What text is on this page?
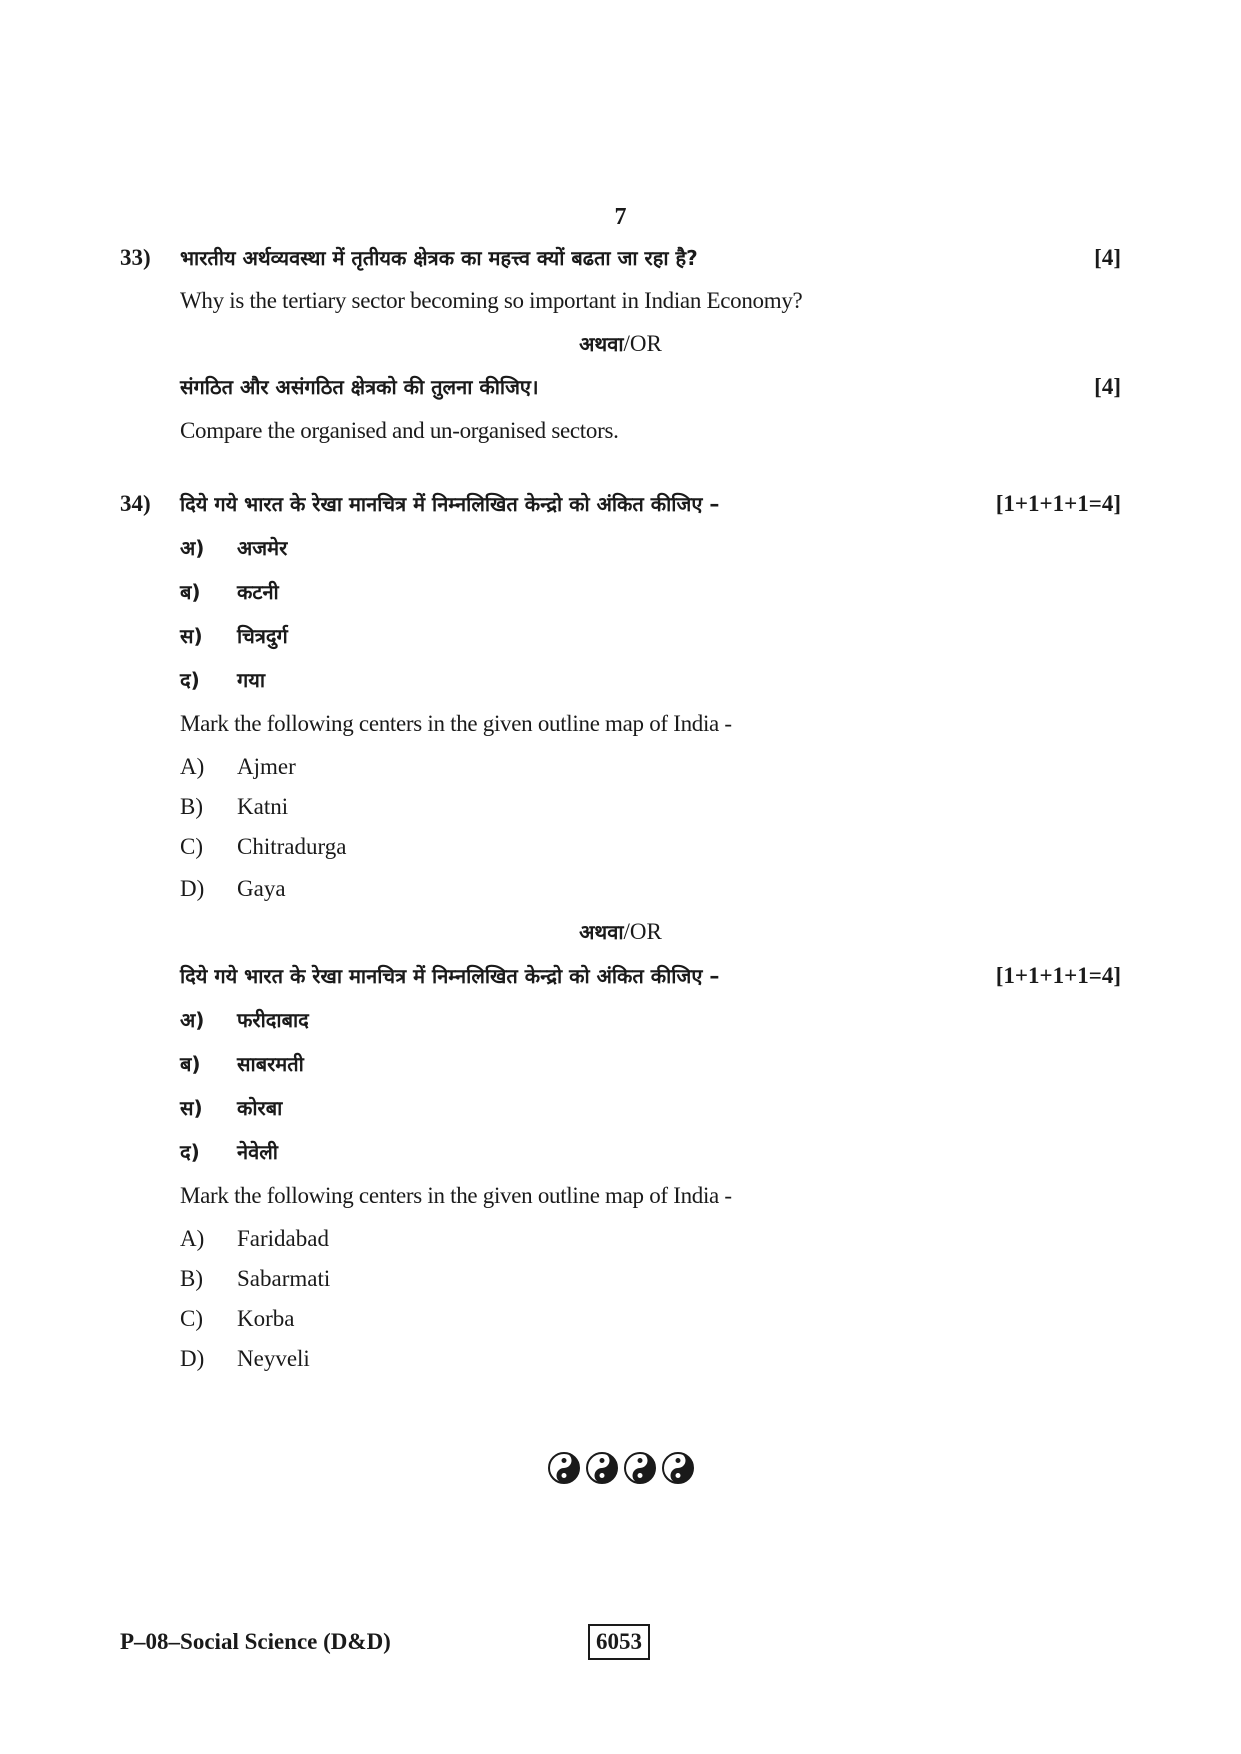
7
33) भारतीय अर्थव्यवस्था में तृतीयक क्षेत्रक का महत्त्व क्यों बढता जा रहा है?	[4]
Why is the tertiary sector becoming so important in Indian Economy?
अथवा/OR
संगठित और असंगठित क्षेत्रको की तुलना कीजिए।	[4]
Compare the organised and un-organised sectors.
34) दिये गये भारत के रेखा मानचित्र में निम्नलिखित केन्द्रो को अंकित कीजिए –	[1+1+1+1=4]
अ) अजमेर
ब) कटनी
स) चित्रदुर्ग
द) गया
Mark the following centers in the given outline map of India -
A) Ajmer
B) Katni
C) Chitradurga
D) Gaya
अथवा/OR
दिये गये भारत के रेखा मानचित्र में निम्नलिखित केन्द्रो को अंकित कीजिए –	[1+1+1+1=4]
अ) फरीदाबाद
ब) साबरमती
स) कोरबा
द) नेवेली
Mark the following centers in the given outline map of India -
A) Faridabad
B) Sabarmati
C) Korba
D) Neyveli
P–08–Social Science (D&D)	6053
